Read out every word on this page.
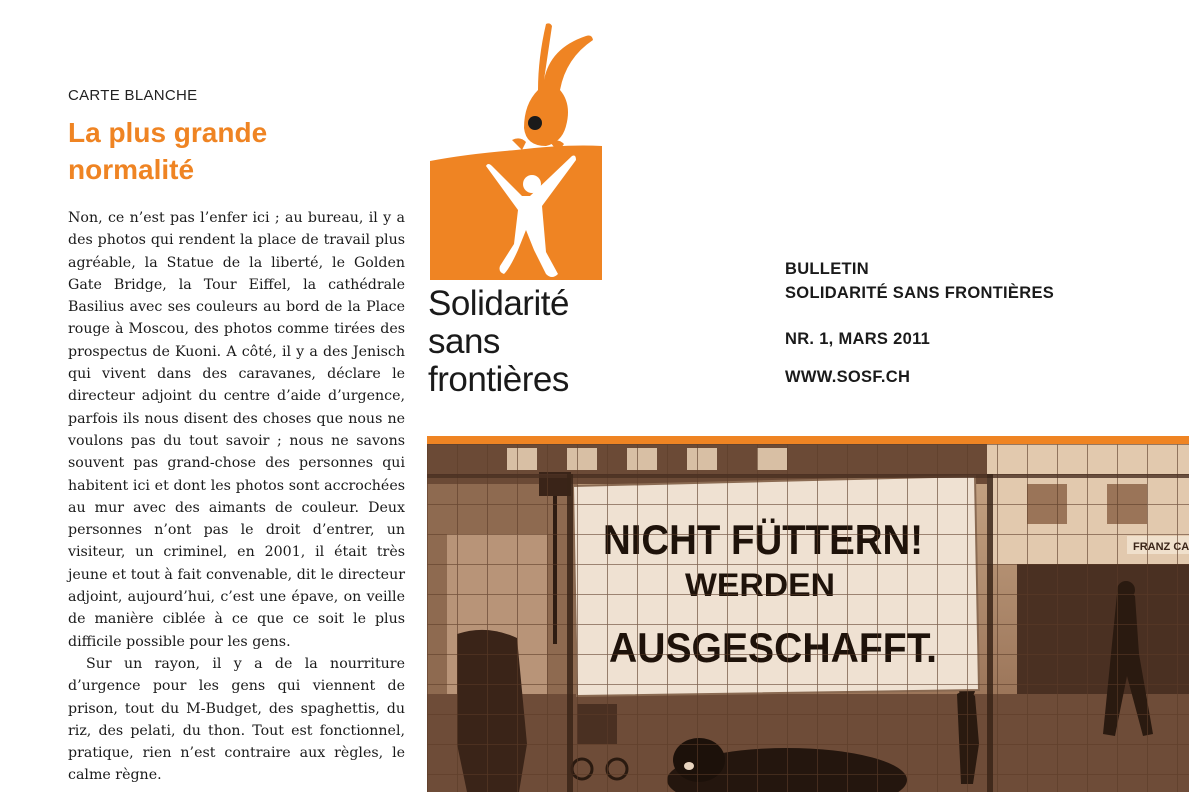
CARTE BLANCHE
La plus grande normalité

Non, ce n’est pas l’enfer ici ; au bureau, il y a des photos qui rendent la place de travail plus agréable, la Statue de la liberté, le Golden Gate Bridge, la Tour Eiffel, la cathédrale Basilius avec ses couleurs au bord de la Place rouge à Moscou, des photos comme tirées des prospectus de Kuoni. A côté, il y a des Jenisch qui vivent dans des caravanes, déclare le directeur adjoint du centre d’aide d’urgence, parfois ils nous disent des choses que nous ne voulons pas du tout savoir ; nous ne savons souvent pas grand-chose des personnes qui habitent ici et dont les photos sont accrochées au mur avec des aimants de couleur. Deux personnes n’ont pas le droit d’entrer, un visiteur, un criminel, en 2001, il était très jeune et tout à fait convenable, dit le directeur adjoint, aujourd’hui, c’est une épave, on veille de manière ciblée à ce que ce soit le plus difficile possible pour les gens.

Sur un rayon, il y a de la nourriture d’urgence pour les gens qui viennent de prison, tout du M-Budget, des spaghettis, du riz, des pelati, du thon. Tout est fonctionnel, pratique, rien n’est contraire aux règles, le calme règne.

Solidarité
sans
frontières
BULLETIN
SOLIDARITÉ SANS FRONTIÈRES
NR. 1, MARS 2011
WWW.SOSF.CH
